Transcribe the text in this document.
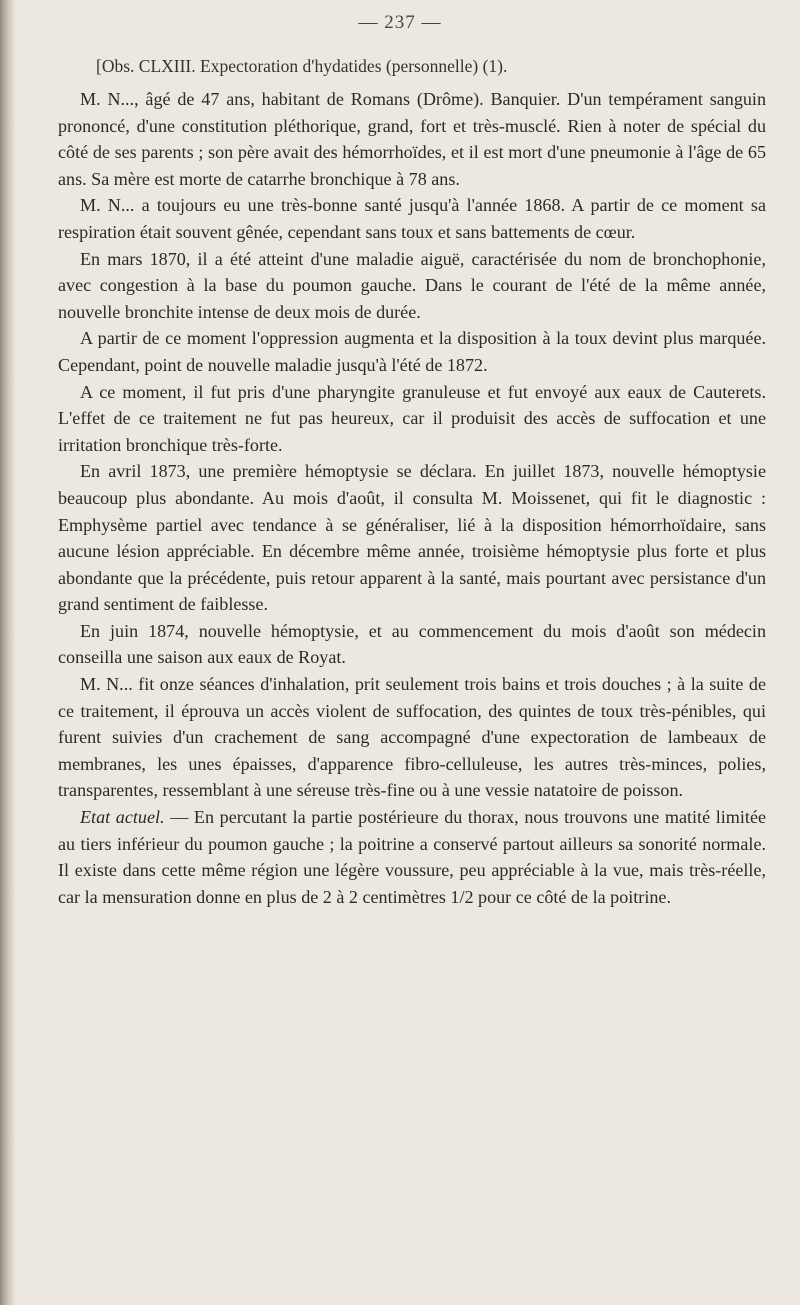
— 237 —
[Obs. CLXIII. Expectoration d'hydatides (personnelle) (1).

M. N..., âgé de 47 ans, habitant de Romans (Drôme). Banquier. D'un tempérament sanguin prononcé, d'une constitution pléthorique, grand, fort et très-musclé. Rien à noter de spécial du côté de ses parents ; son père avait des hémorrhoïdes, et il est mort d'une pneumonie à l'âge de 65 ans. Sa mère est morte de catarrhe bronchique à 78 ans.

M. N... a toujours eu une très-bonne santé jusqu'à l'année 1868. A partir de ce moment sa respiration était souvent gênée, cependant sans toux et sans battements de cœur.

En mars 1870, il a été atteint d'une maladie aiguë, caractérisée du nom de bronchophonie, avec congestion à la base du poumon gauche. Dans le courant de l'été de la même année, nouvelle bronchite intense de deux mois de durée.

A partir de ce moment l'oppression augmenta et la disposition à la toux devint plus marquée. Cependant, point de nouvelle maladie jusqu'à l'été de 1872.

A ce moment, il fut pris d'une pharyngite granuleuse et fut envoyé aux eaux de Cauterets. L'effet de ce traitement ne fut pas heureux, car il produisit des accès de suffocation et une irritation bronchique très-forte.

En avril 1873, une première hémoptysie se déclara. En juillet 1873, nouvelle hémoptysie beaucoup plus abondante. Au mois d'août, il consulta M. Moissenet, qui fit le diagnostic : Emphysème partiel avec tendance à se généraliser, lié à la disposition hémorrhoïdaire, sans aucune lésion appréciable. En décembre même année, troisième hémoptysie plus forte et plus abondante que la précédente, puis retour apparent à la santé, mais pourtant avec persistance d'un grand sentiment de faiblesse.

En juin 1874, nouvelle hémoptysie, et au commencement du mois d'août son médecin conseilla une saison aux eaux de Royat.

M. N... fit onze séances d'inhalation, prit seulement trois bains et trois douches ; à la suite de ce traitement, il éprouva un accès violent de suffocation, des quintes de toux très-pénibles, qui furent suivies d'un crachement de sang accompagné d'une expectoration de lambeaux de membranes, les unes épaisses, d'apparence fibro-celluleuse, les autres très-minces, polies, transparentes, ressemblant à une séreuse très-fine ou à une vessie natatoire de poisson.

Etat actuel. — En percutant la partie postérieure du thorax, nous trouvons une matité limitée au tiers inférieur du poumon gauche ; la poitrine a conservé partout ailleurs sa sonorité normale. Il existe dans cette même région une légère voussure, peu appréciable à la vue, mais très-réelle, car la mensuration donne en plus de 2 à 2 centimètres 1/2 pour ce côté de la poitrine.
